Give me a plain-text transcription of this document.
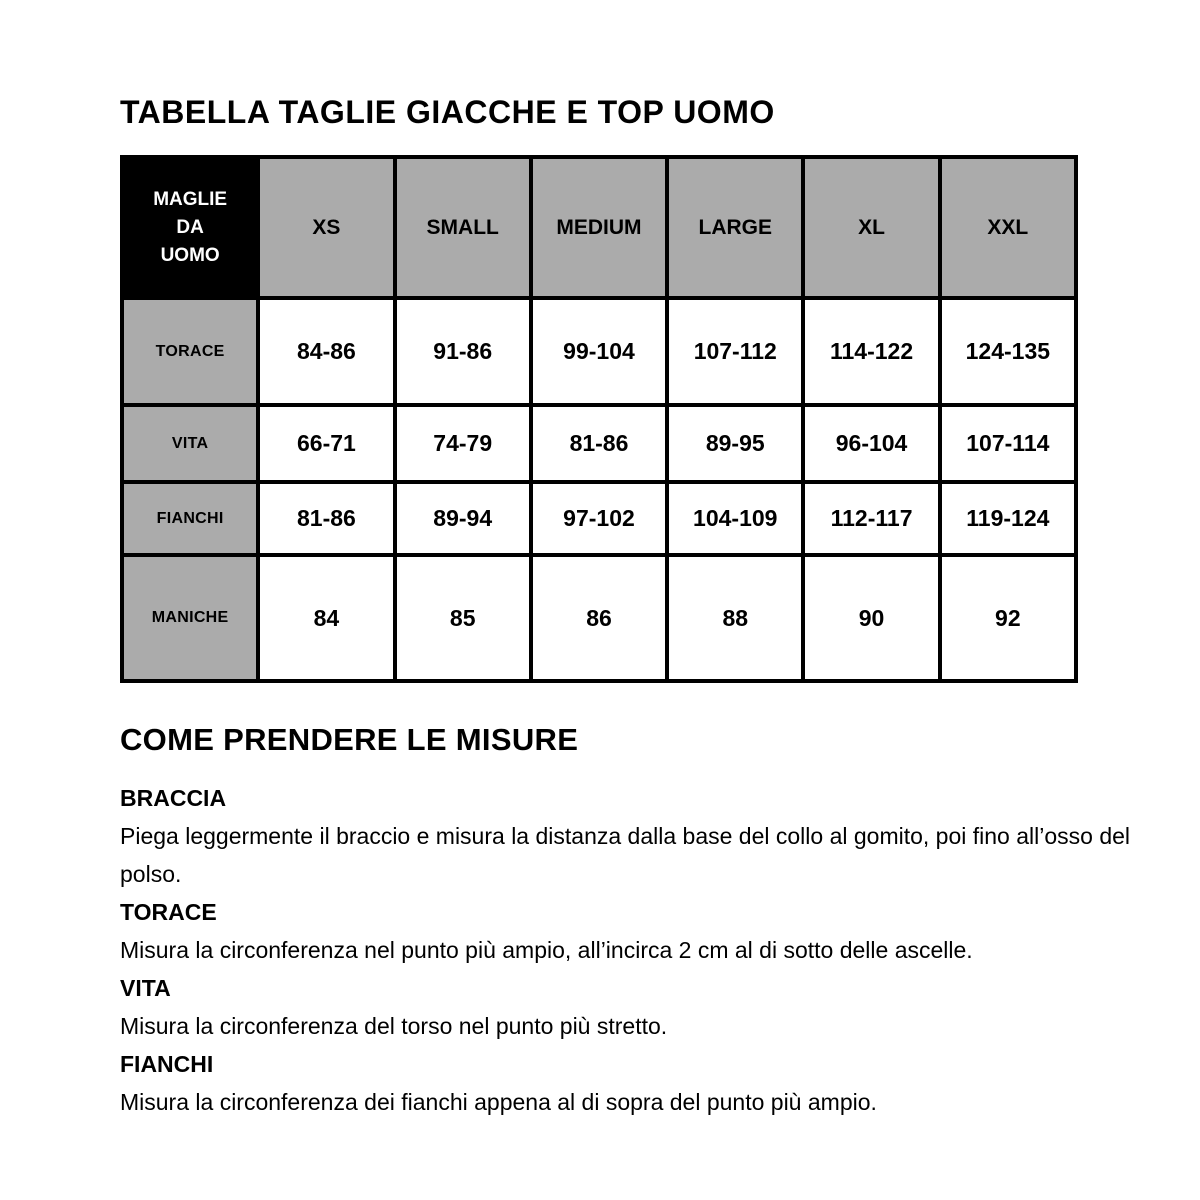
TABELLA TAGLIE GIACCHE E TOP UOMO
MAGLIE DA UOMO	XS	SMALL	MEDIUM	LARGE	XL	XXL
TORACE	84-86	91-86	99-104	107-112	114-122	124-135
VITA	66-71	74-79	81-86	89-95	96-104	107-114
FIANCHI	81-86	89-94	97-102	104-109	112-117	119-124
MANICHE	84	85	86	88	90	92
COME PRENDERE LE MISURE
BRACCIA
Piega leggermente il braccio e misura la distanza dalla base del collo al gomito, poi fino all’osso del polso.
TORACE
Misura la circonferenza nel punto più ampio, all’incirca 2 cm al di sotto delle ascelle.
VITA
Misura la circonferenza del torso nel punto più stretto.
FIANCHI
Misura la circonferenza dei fianchi appena al di sopra del punto più ampio.
